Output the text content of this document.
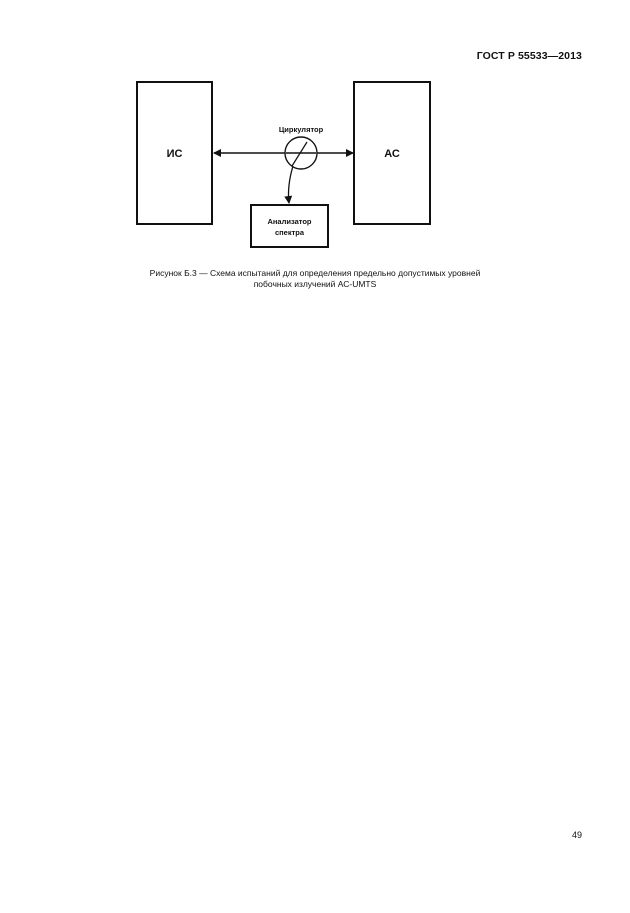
ГОСТ Р 55533—2013
ИС	АС
Циркулятор
Анализатор
спектра
Рисунок Б.3 — Схема испытаний для определения предельно допустимых уровней
побочных излучений АС-UMTS
49
